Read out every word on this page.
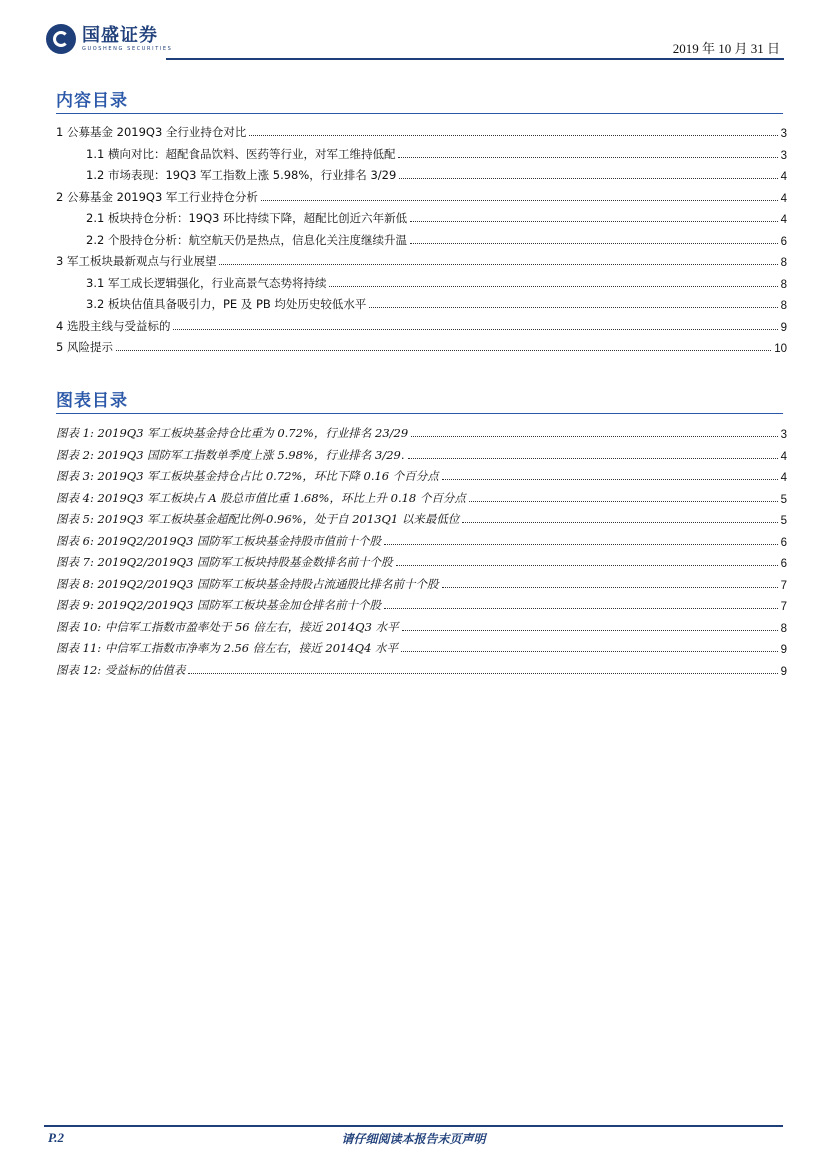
国盛证券
GUOSHENG SECURITIES	2019 年 10 月 31 日
内容目录
1 公募基金 2019Q3 全行业持仓对比	3
1.1 横向对比：超配食品饮料、医药等行业，对军工维持低配	3
1.2 市场表现：19Q3 军工指数上涨 5.98%，行业排名 3/29	4
2 公募基金 2019Q3 军工行业持仓分析	4
2.1 板块持仓分析：19Q3 环比持续下降，超配比创近六年新低	4
2.2 个股持仓分析：航空航天仍是热点，信息化关注度继续升温	6
3 军工板块最新观点与行业展望	8
3.1 军工成长逻辑强化，行业高景气态势将持续	8
3.2 板块估值具备吸引力，PE 及 PB 均处历史较低水平	8
4 选股主线与受益标的	9
5 风险提示	10
图表目录
图表 1: 2019Q3 军工板块基金持仓比重为 0.72%，行业排名 23/29	3
图表 2: 2019Q3 国防军工指数单季度上涨 5.98%，行业排名 3/29.	4
图表 3: 2019Q3 军工板块基金持仓占比 0.72%，环比下降 0.16 个百分点	4
图表 4: 2019Q3 军工板块占 A 股总市值比重 1.68%，环比上升 0.18 个百分点	5
图表 5: 2019Q3 军工板块基金超配比例-0.96%，处于自 2013Q1 以来最低位	5
图表 6: 2019Q2/2019Q3 国防军工板块基金持股市值前十个股	6
图表 7: 2019Q2/2019Q3 国防军工板块持股基金数排名前十个股	6
图表 8: 2019Q2/2019Q3 国防军工板块基金持股占流通股比排名前十个股	7
图表 9: 2019Q2/2019Q3 国防军工板块基金加仓排名前十个股	7
图表 10: 中信军工指数市盈率处于 56 倍左右，接近 2014Q3 水平	8
图表 11: 中信军工指数市净率为 2.56 倍左右，接近 2014Q4 水平	9
图表 12: 受益标的估值表	9
P.2	请仔细阅读本报告末页声明
